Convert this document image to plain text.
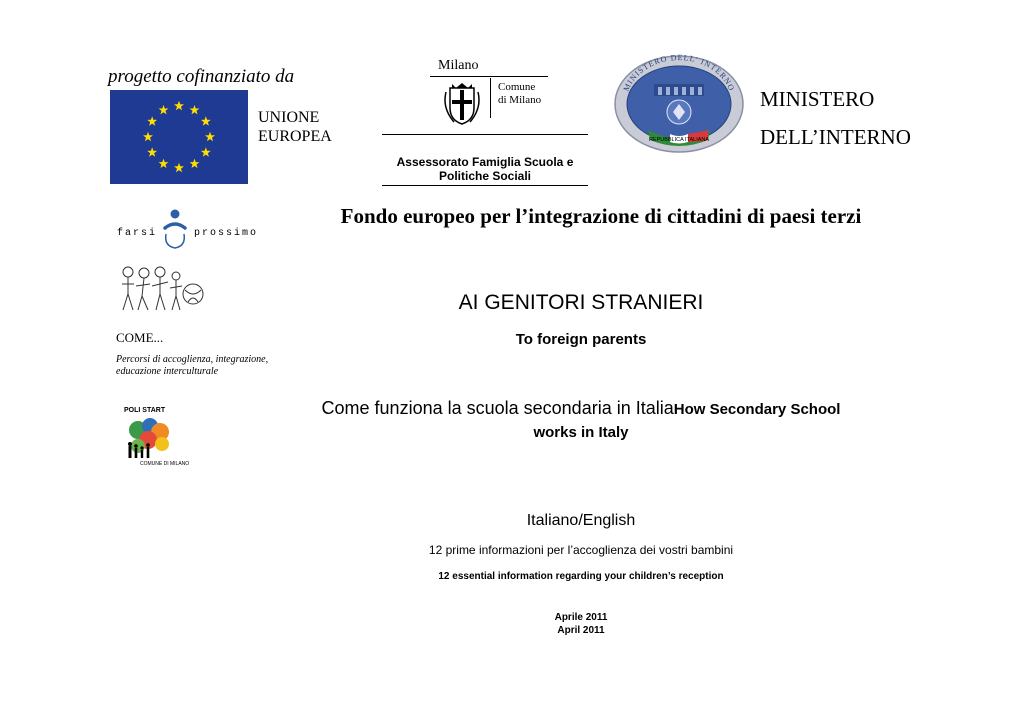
progetto cofinanziato da
UNIONE
EUROPEA
Milano
Comune
di Milano
Assessorato Famiglia Scuola e
Politiche Sociali
MINISTERO DELL' INTERNO
REPUBBLICA ITALIANA
MINISTERO
DELL’INTERNO
farsi	prossimo
COME...
Percorsi di accoglienza, integrazione,
educazione interculturale
POLI START
COMUNE DI MILANO
Fondo europeo per l’integrazione di cittadini di paesi terzi
AI GENITORI STRANIERI
To foreign parents
Come funziona la scuola secondaria in ItaliaHow Secondary School
works in Italy
Italiano/English
12 prime informazioni per l’accoglienza dei vostri bambini
12 essential information regarding your children’s reception
Aprile 2011
April 2011
